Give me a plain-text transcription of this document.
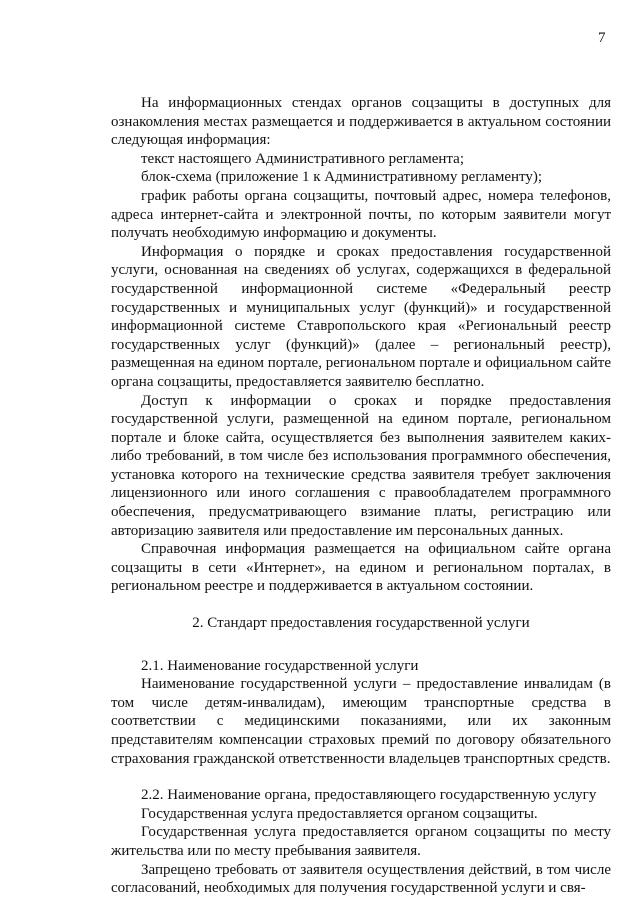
7

На информационных стендах органов соцзащиты в доступных для ознакомления местах размещается и поддерживается в актуальном состоянии следующая информация:

текст настоящего Административного регламента;

блок-схема (приложение 1 к Административному регламенту);

график работы органа соцзащиты, почтовый адрес, номера телефонов, адреса интернет-сайта и электронной почты, по которым заявители могут получать необходимую информацию и документы.

Информация о порядке и сроках предоставления государственной услуги, основанная на сведениях об услугах, содержащихся в федеральной государственной информационной системе «Федеральный реестр государственных и муниципальных услуг (функций)» и государственной информационной системе Ставропольского края «Региональный реестр государственных услуг (функций)» (далее – региональный реестр), размещенная на едином портале, региональном портале и официальном сайте органа соцзащиты, предоставляется заявителю бесплатно.

Доступ к информации о сроках и порядке предоставления государственной услуги, размещенной на едином портале, региональном портале и блоке сайта, осуществляется без выполнения заявителем каких-либо требований, в том числе без использования программного обеспечения, установка которого на технические средства заявителя требует заключения лицензионного или иного соглашения с правообладателем программного обеспечения, предусматривающего взимание платы, регистрацию или авторизацию заявителя или предоставление им персональных данных.

Справочная информация размещается на официальном сайте органа соцзащиты в сети «Интернет», на едином и региональном порталах, в региональном реестре и поддерживается в актуальном состоянии.

2. Стандарт предоставления государственной услуги

2.1. Наименование государственной услуги

Наименование государственной услуги – предоставление инвалидам (в том числе детям-инвалидам), имеющим транспортные средства в соответствии с медицинскими показаниями, или их законным представителям компенсации страховых премий по договору обязательного страхования гражданской ответственности владельцев транспортных средств.

2.2. Наименование органа, предоставляющего государственную услугу

Государственная услуга предоставляется органом соцзащиты.

Государственная услуга предоставляется органом соцзащиты по месту жительства или по месту пребывания заявителя.

Запрещено требовать от заявителя осуществления действий, в том числе согласований, необходимых для получения государственной услуги и свя-
